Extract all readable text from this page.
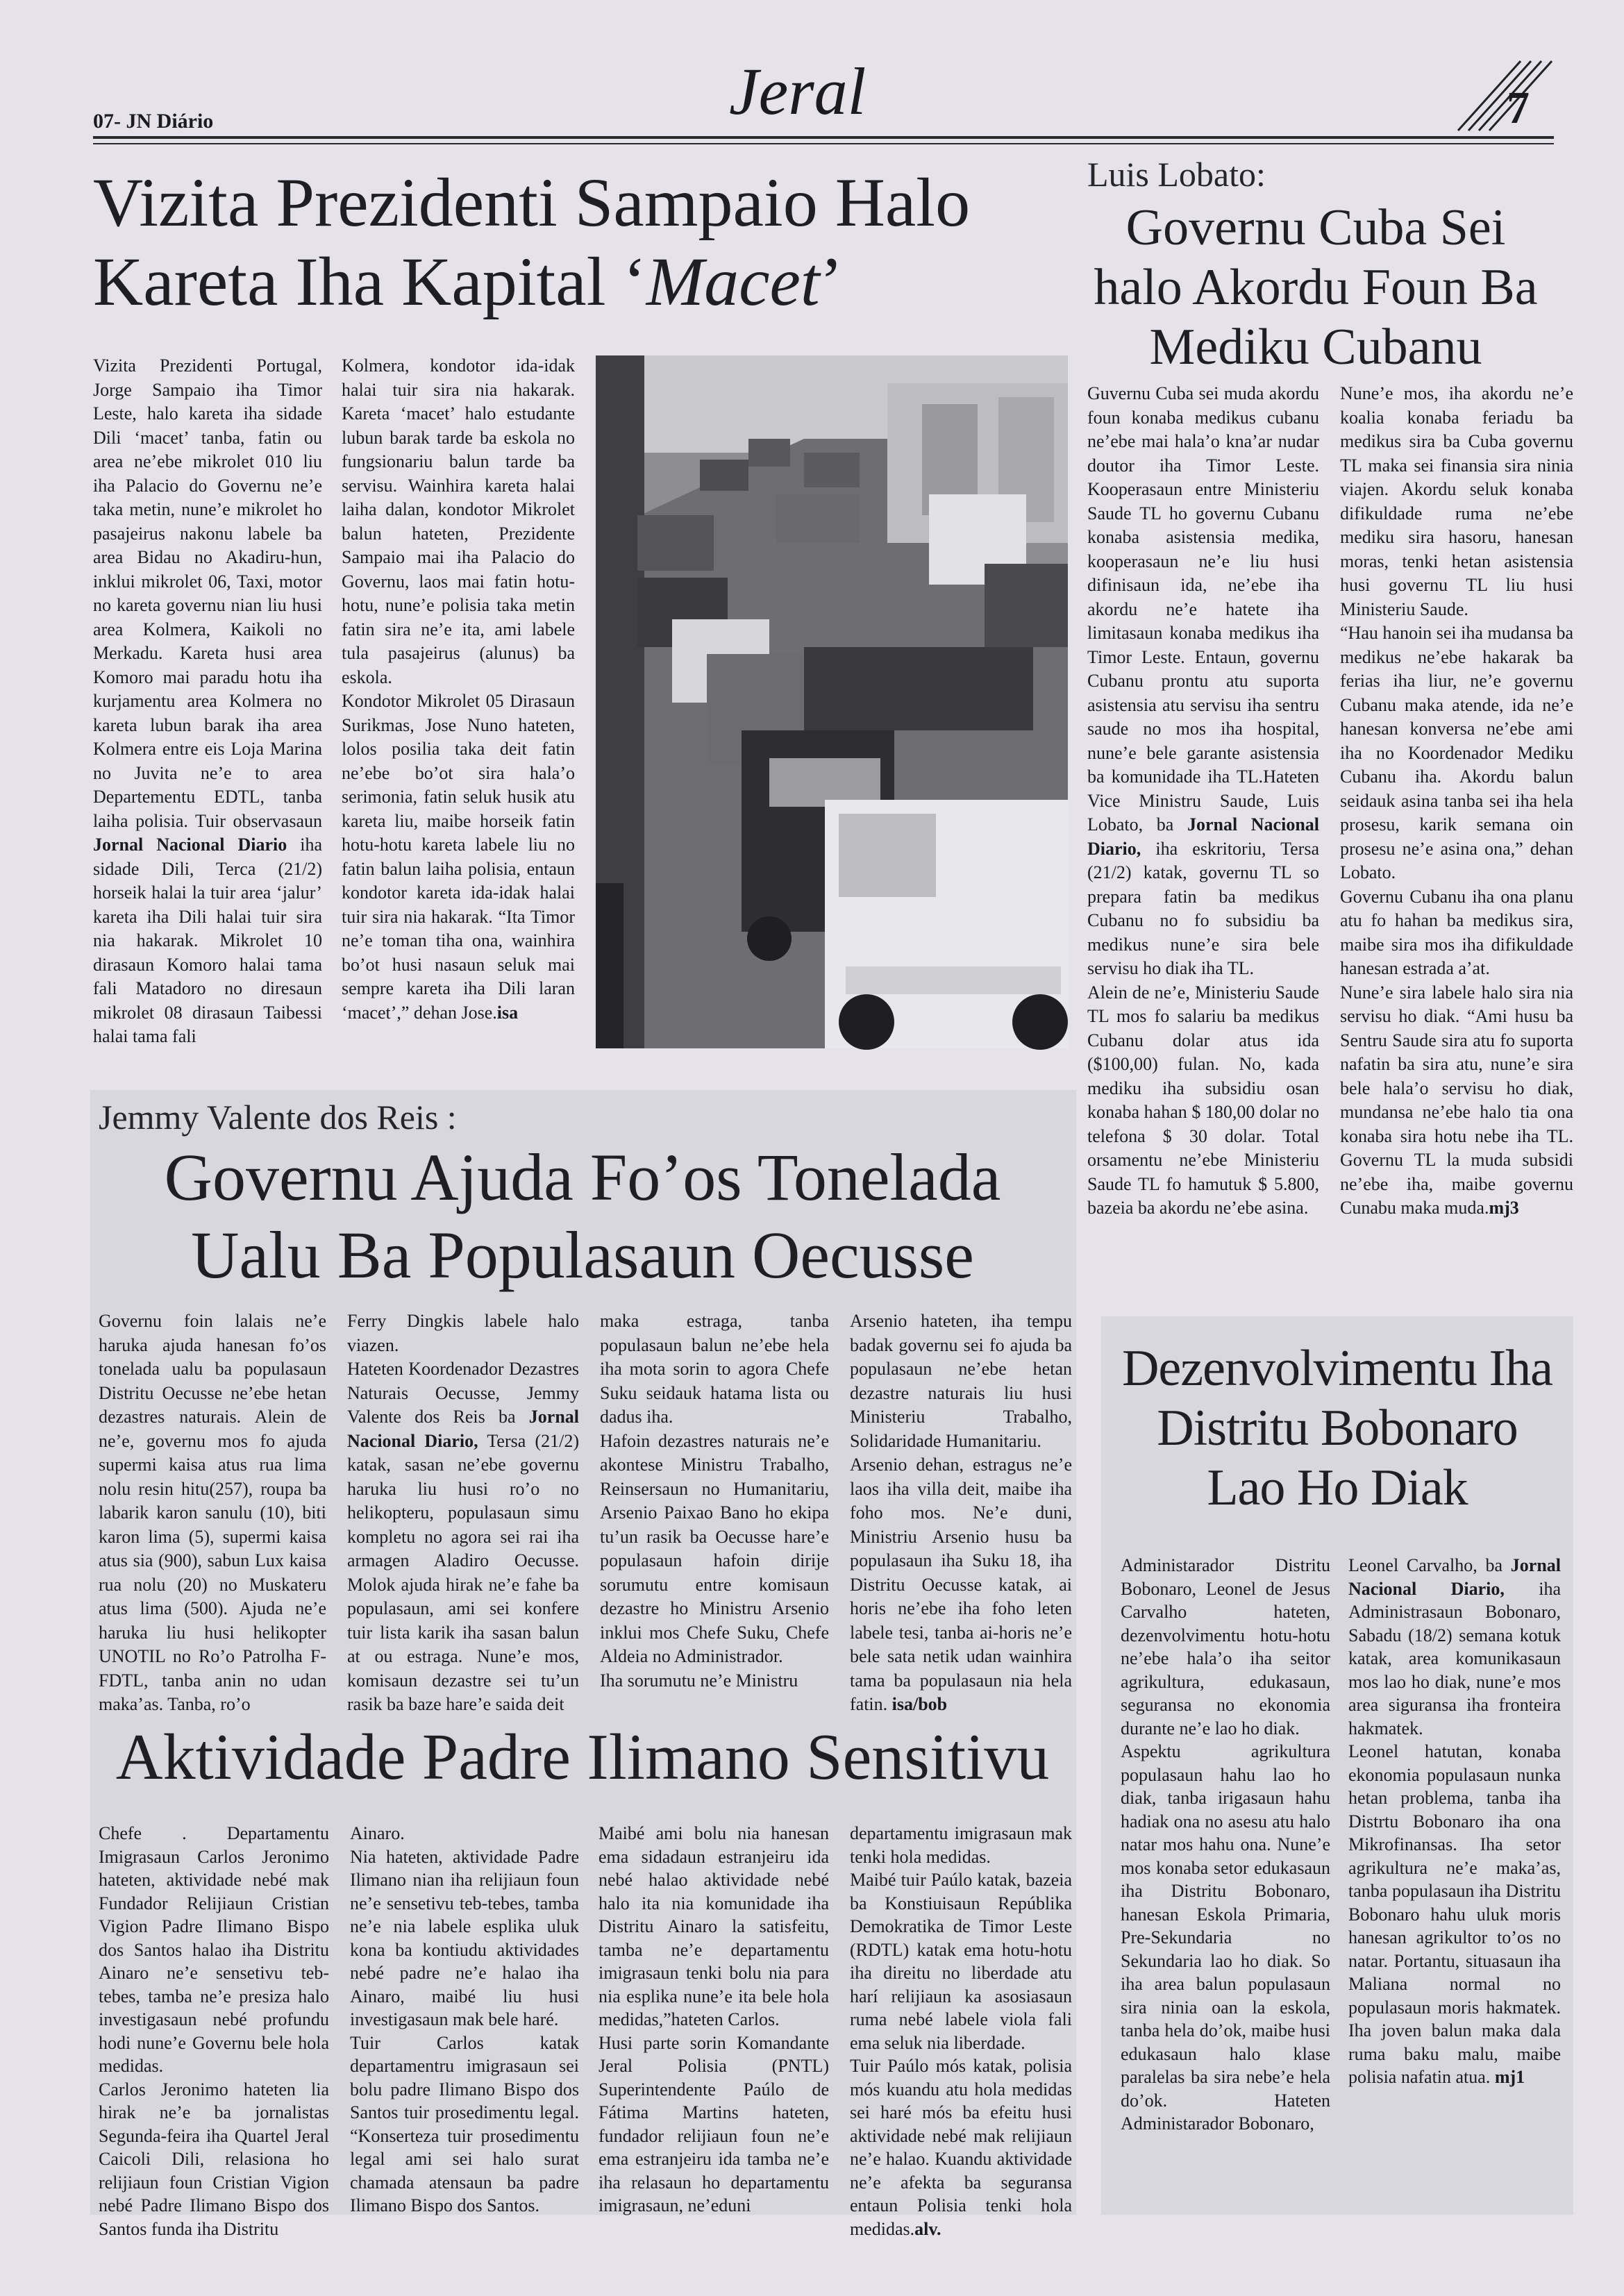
07- JN Diário	Jeral	7
Vizita Prezidenti Sampaio Halo
Kareta Iha Kapital ‘Macet’
Vizita Prezidenti Portugal, Jorge Sampaio iha Timor Leste, halo kareta iha sidade Dili ‘macet’ tanba, fatin ou area ne’ebe mikrolet 010 liu iha Palacio do Governu ne’e taka metin, nune’e mikrolet ho pasajeirus nakonu labele ba area Bidau no Akadiru-hun, inklui mikrolet 06, Taxi, motor no kareta governu nian liu husi area Kolmera, Kaikoli no Merkadu. Kareta husi area Komoro mai paradu hotu iha kurjamentu area Kolmera no kareta lubun barak iha area Kolmera entre eis Loja Marina no Juvita ne’e to area Departementu EDTL, tanba laiha polisia. Tuir observasaun Jornal Nacional Diario iha sidade Dili, Terca (21/2) horseik halai la tuir area ‘jalur’ kareta iha Dili halai tuir sira nia hakarak. Mikrolet 10 dirasaun Komoro halai tama fali Matadoro no diresaun mikrolet 08 dirasaun Taibessi halai tama fali
Kolmera, kondotor ida-idak halai tuir sira nia hakarak. Kareta ‘macet’ halo estudante lubun barak tarde ba eskola no fungsionariu balun tarde ba servisu. Wainhira kareta halai laiha dalan, kondotor Mikrolet balun hateten, Prezidente Sampaio mai iha Palacio do Governu, laos mai fatin hotu-hotu, nune’e polisia taka metin fatin sira ne’e ita, ami labele tula pasajeirus (alunus) ba eskola.
Kondotor Mikrolet 05 Dirasaun Surikmas, Jose Nuno hateten, lolos posilia taka deit fatin ne’ebe bo’ot sira hala’o serimonia, fatin seluk husik atu kareta liu, maibe horseik fatin hotu-hotu kareta labele liu no fatin balun laiha polisia, entaun kondotor kareta ida-idak halai tuir sira nia hakarak. “Ita Timor ne’e toman tiha ona, wainhira bo’ot husi nasaun seluk mai sempre kareta iha Dili laran ‘macet’,” dehan Jose.isa
Luis Lobato:
Governu Cuba Sei
halo Akordu Foun Ba
Mediku Cubanu
Guvernu Cuba sei muda akordu foun konaba medikus cubanu ne’ebe mai hala’o kna’ar nudar doutor iha Timor Leste. Kooperasaun entre Ministeriu Saude TL ho governu Cubanu konaba asistensia medika, kooperasaun ne’e liu husi difinisaun ida, ne’ebe iha akordu ne’e hatete iha limitasaun konaba medikus iha Timor Leste. Entaun, governu Cubanu prontu atu suporta asistensia atu servisu iha sentru saude no mos iha hospital, nune’e bele garante asistensia ba komunidade iha TL.Hateten Vice Ministru Saude, Luis Lobato, ba Jornal Nacional Diario, iha eskritoriu, Tersa (21/2) katak, governu TL so prepara fatin ba medikus Cubanu no fo subsidiu ba medikus nune’e sira bele servisu ho diak iha TL.
Alein de ne’e, Ministeriu Saude TL mos fo salariu ba medikus Cubanu dolar atus ida ($100,00) fulan. No, kada mediku iha subsidiu osan konaba hahan $ 180,00 dolar no telefona $ 30 dolar. Total orsamentu ne’ebe Ministeriu Saude TL fo hamutuk $ 5.800, bazeia ba akordu ne’ebe asina.
Nune’e mos, iha akordu ne’e koalia konaba feriadu ba medikus sira ba Cuba governu TL maka sei finansia sira ninia viajen. Akordu seluk konaba difikuldade ruma ne’ebe mediku sira hasoru, hanesan moras, tenki hetan asistensia husi governu TL liu husi Ministeriu Saude.
“Hau hanoin sei iha mudansa ba medikus ne’ebe hakarak ba ferias iha liur, ne’e governu Cubanu maka atende, ida ne’e hanesan konversa ne’ebe ami iha no Koordenador Mediku Cubanu iha. Akordu balun seidauk asina tanba sei iha hela prosesu, karik semana oin prosesu ne’e asina ona,” dehan Lobato.
Governu Cubanu iha ona planu atu fo hahan ba medikus sira, maibe sira mos iha difikuldade hanesan estrada a’at.
Nune’e sira labele halo sira nia servisu ho diak. “Ami husu ba Sentru Saude sira atu fo suporta nafatin ba sira atu, nune’e sira bele hala’o servisu ho diak, mundansa ne’ebe halo tia ona konaba sira hotu nebe iha TL. Governu TL la muda subsidi ne’ebe iha, maibe governu Cunabu maka muda.mj3
Jemmy Valente dos Reis :
Governu Ajuda Fo’os Tonelada
Ualu Ba Populasaun Oecusse
Governu foin lalais ne’e haruka ajuda hanesan fo’os tonelada ualu ba populasaun Distritu Oecusse ne’ebe hetan dezastres naturais. Alein de ne’e, governu mos fo ajuda supermi kaisa atus rua lima nolu resin hitu(257), roupa ba labarik karon sanulu (10), biti karon lima (5), supermi kaisa atus sia (900), sabun Lux kaisa rua nolu (20) no Muskateru atus lima (500). Ajuda ne’e haruka liu husi helikopter UNOTIL no Ro’o Patrolha F-FDTL, tanba anin no udan maka’as. Tanba, ro’o
Ferry Dingkis labele halo viazen.
Hateten Koordenador Dezastres Naturais Oecusse, Jemmy Valente dos Reis ba Jornal Nacional Diario, Tersa (21/2) katak, sasan ne’ebe governu haruka liu husi ro’o no helikopteru, populasaun simu kompletu no agora sei rai iha armagen Aladiro Oecusse. Molok ajuda hirak ne’e fahe ba populasaun, ami sei konfere tuir lista karik iha sasan balun at ou estraga. Nune’e mos, komisaun dezastre sei tu’un rasik ba baze hare’e saida deit
maka estraga, tanba populasaun balun ne’ebe hela iha mota sorin to agora Chefe Suku seidauk hatama lista ou dadus iha.
Hafoin dezastres naturais ne’e akontese Ministru Trabalho, Reinsersaun no Humanitariu, Arsenio Paixao Bano ho ekipa tu’un rasik ba Oecusse hare’e populasaun hafoin dirije sorumutu entre komisaun dezastre ho Ministru Arsenio inklui mos Chefe Suku, Chefe Aldeia no Administrador.
Iha sorumutu ne’e Ministru
Arsenio hateten, iha tempu badak governu sei fo ajuda ba populasaun ne’ebe hetan dezastre naturais liu husi Ministeriu Trabalho, Solidaridade Humanitariu.
Arsenio dehan, estragus ne’e laos iha villa deit, maibe iha foho mos. Ne’e duni, Ministriu Arsenio husu ba populasaun iha Suku 18, iha Distritu Oecusse katak, ai horis ne’ebe iha foho leten labele tesi, tanba ai-horis ne’e bele sata netik udan wainhira tama ba populasaun nia hela fatin. isa/bob
Aktividade Padre Ilimano Sensitivu
Chefe . Departamentu Imigrasaun Carlos Jeronimo hateten, aktividade nebé mak Fundador Relijiaun Cristian Vigion Padre Ilimano Bispo dos Santos halao iha Distritu Ainaro ne’e sensetivu teb-tebes, tamba ne’e presiza halo investigasaun nebé profundu hodi nune’e Governu bele hola medidas.
Carlos Jeronimo hateten lia hirak ne’e ba jornalistas Segunda-feira iha Quartel Jeral Caicoli Dili, relasiona ho relijiaun foun Cristian Vigion nebé Padre Ilimano Bispo dos Santos funda iha Distritu
Ainaro.
Nia hateten, aktividade Padre Ilimano nian iha relijiaun foun ne’e sensetivu teb-tebes, tamba ne’e nia labele esplika uluk kona ba kontiudu aktividades nebé padre ne’e halao iha Ainaro, maibé liu husi investigasaun mak bele haré.
Tuir Carlos katak departamentru imigrasaun sei bolu padre Ilimano Bispo dos Santos tuir prosedimentu legal. “Konserteza tuir prosedimentu legal ami sei halo surat chamada atensaun ba padre Ilimano Bispo dos Santos.
Maibé ami bolu nia hanesan ema sidadaun estranjeiru ida nebé halao aktividade nebé halo ita nia komunidade iha Distritu Ainaro la satisfeitu, tamba ne’e departamentu imigrasaun tenki bolu nia para nia esplika nune’e ita bele hola medidas,”hateten Carlos.
Husi parte sorin Komandante Jeral Polisia (PNTL) Superintendente Paúlo de Fátima Martins hateten, fundador relijiaun foun ne’e ema estranjeiru ida tamba ne’e iha relasaun ho departamentu imigrasaun, ne’eduni
departamentu imigrasaun mak tenki hola medidas.
Maibé tuir Paúlo katak, bazeia ba Konstiuisaun Repúblika Demokratika de Timor Leste (RDTL) katak ema hotu-hotu iha direitu no liberdade atu harí relijiaun ka asosiasaun ruma nebé labele viola fali ema seluk nia liberdade.
Tuir Paúlo mós katak, polisia mós kuandu atu hola medidas sei haré mós ba efeitu husi aktividade nebé mak relijiaun ne’e halao. Kuandu aktividade ne’e afekta ba seguransa entaun Polisia tenki hola medidas.alv.
Dezenvolvimentu Iha
Distritu Bobonaro
Lao Ho Diak
Administarador Distritu Bobonaro, Leonel de Jesus Carvalho hateten, dezenvolvimentu hotu-hotu ne’ebe hala’o iha seitor agrikultura, edukasaun, seguransa no ekonomia durante ne’e lao ho diak.
Aspektu agrikultura populasaun hahu lao ho diak, tanba irigasaun hahu hadiak ona no asesu atu halo natar mos hahu ona. Nune’e mos konaba setor edukasaun iha Distritu Bobonaro, hanesan Eskola Primaria, Pre-Sekundaria no Sekundaria lao ho diak. So iha area balun populasaun sira ninia oan la eskola, tanba hela do’ok, maibe husi edukasaun halo klase paralelas ba sira nebe’e hela do’ok. Hateten Administarador Bobonaro,
Leonel Carvalho, ba Jornal Nacional Diario, iha Administrasaun Bobonaro, Sabadu (18/2) semana kotuk katak, area komunikasaun mos lao ho diak, nune’e mos area siguransa iha fronteira hakmatek.
Leonel hatutan, konaba ekonomia populasaun nunka hetan problema, tanba iha Distrtu Bobonaro iha ona Mikrofinansas. Iha setor agrikultura ne’e maka’as, tanba populasaun iha Distritu Bobonaro hahu uluk moris hanesan agrikultor to’os no natar. Portantu, situasaun iha Maliana normal no populasaun moris hakmatek. Iha joven balun maka dala ruma baku malu, maibe polisia nafatin atua. mj1
